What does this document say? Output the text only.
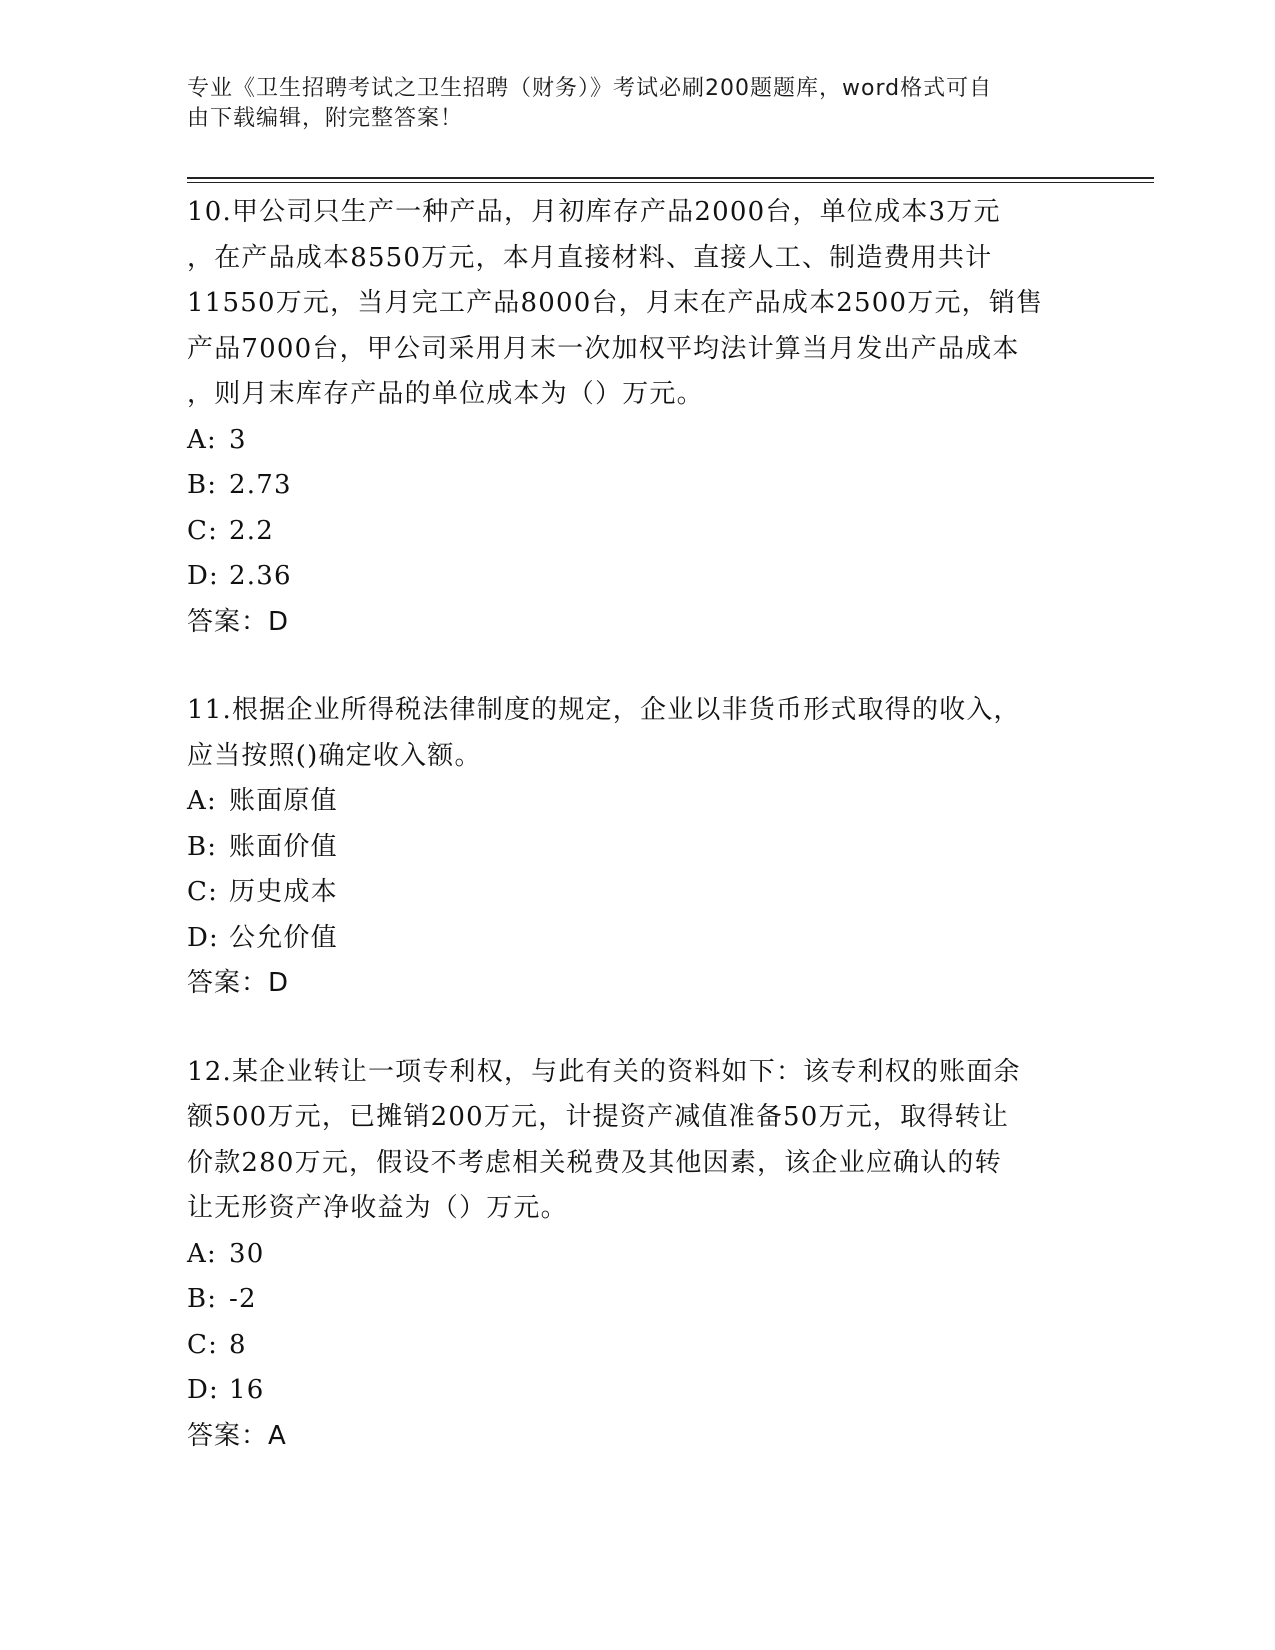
专业《卫生招聘考试之卫生招聘（财务）》考试必刷200题题库，word格式可自
由下载编辑，附完整答案！
10.甲公司只生产一种产品，月初库存产品2000台，单位成本3万元
，在产品成本8550万元，本月直接材料、直接人工、制造费用共计
11550万元，当月完工产品8000台，月末在产品成本2500万元，销售
产品7000台，甲公司采用月末一次加权平均法计算当月发出产品成本
，则月末库存产品的单位成本为（）万元。
A: 3
B: 2.73
C: 2.2
D: 2.36
答案：D
11.根据企业所得税法律制度的规定，企业以非货币形式取得的收入，
应当按照()确定收入额。
A: 账面原值
B: 账面价值
C: 历史成本
D: 公允价值
答案：D
12.某企业转让一项专利权，与此有关的资料如下：该专利权的账面余
额500万元，已摊销200万元，计提资产减值准备50万元，取得转让
价款280万元，假设不考虑相关税费及其他因素，该企业应确认的转
让无形资产净收益为（）万元。
A: 30
B: -2
C: 8
D: 16
答案：A
